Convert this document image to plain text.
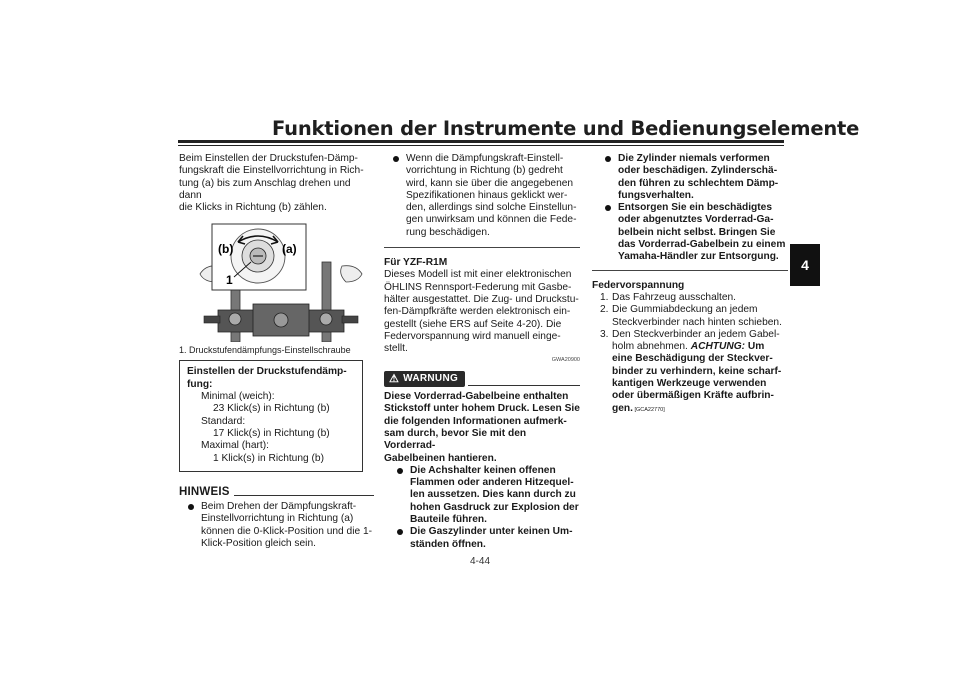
Funktionen der Instrumente und Bedienungselemente
4
Beim Einstellen der Druckstufen-Dämp-
fungskraft die Einstellvorrichtung in Rich-
tung (a) bis zum Anschlag drehen und dann
die Klicks in Richtung (b) zählen.
(b)	(a)
1
1. Druckstufendämpfungs-Einstellschraube
Einstellen der Druckstufendämp-
fung:
Minimal (weich):
23 Klick(s) in Richtung (b)
Standard:
17 Klick(s) in Richtung (b)
Maximal (hart):
1 Klick(s) in Richtung (b)
HINWEIS
Beim Drehen der Dämpfungskraft-
Einstellvorrichtung in Richtung (a)
können die 0-Klick-Position und die 1-
Klick-Position gleich sein.
Wenn die Dämpfungskraft-Einstell-
vorrichtung in Richtung (b) gedreht
wird, kann sie über die angegebenen
Spezifikationen hinaus geklickt wer-
den, allerdings sind solche Einstellun-
gen unwirksam und können die Fede-
rung beschädigen.
Für YZF-R1M
Dieses Modell ist mit einer elektronischen
ÖHLINS Rennsport-Federung mit Gasbe-
hälter ausgestattet. Die Zug- und Druckstu-
fen-Dämpfkräfte werden elektronisch ein-
gestellt (siehe ERS auf Seite 4-20). Die
Federvorspannung wird manuell einge-
stellt.
GWA20900
⚠ WARNUNG
Diese Vorderrad-Gabelbeine enthalten
Stickstoff unter hohem Druck. Lesen Sie
die folgenden Informationen aufmerk-
sam durch, bevor Sie mit den Vorderrad-
Gabelbeinen hantieren.
Die Achshalter keinen offenen
Flammen oder anderen Hitzequel-
len aussetzen. Dies kann durch zu
hohen Gasdruck zur Explosion der
Bauteile führen.
Die Gaszylinder unter keinen Um-
ständen öffnen.
Die Zylinder niemals verformen
oder beschädigen. Zylinderschä-
den führen zu schlechtem Dämp-
fungsverhalten.
Entsorgen Sie ein beschädigtes
oder abgenutztes Vorderrad-Ga-
belbein nicht selbst. Bringen Sie
das Vorderrad-Gabelbein zu einem
Yamaha-Händler zur Entsorgung.
Federvorspannung
1. Das Fahrzeug ausschalten.
2. Die Gummiabdeckung an jedem
Steckverbinder nach hinten schieben.
3. Den Steckverbinder an jedem Gabel-
holm abnehmen. ACHTUNG: Um
eine Beschädigung der Steckver-
binder zu verhindern, keine scharf-
kantigen Werkzeuge verwenden
oder übermäßigen Kräfte aufbrin-
gen. [GCA22770]
4-44
